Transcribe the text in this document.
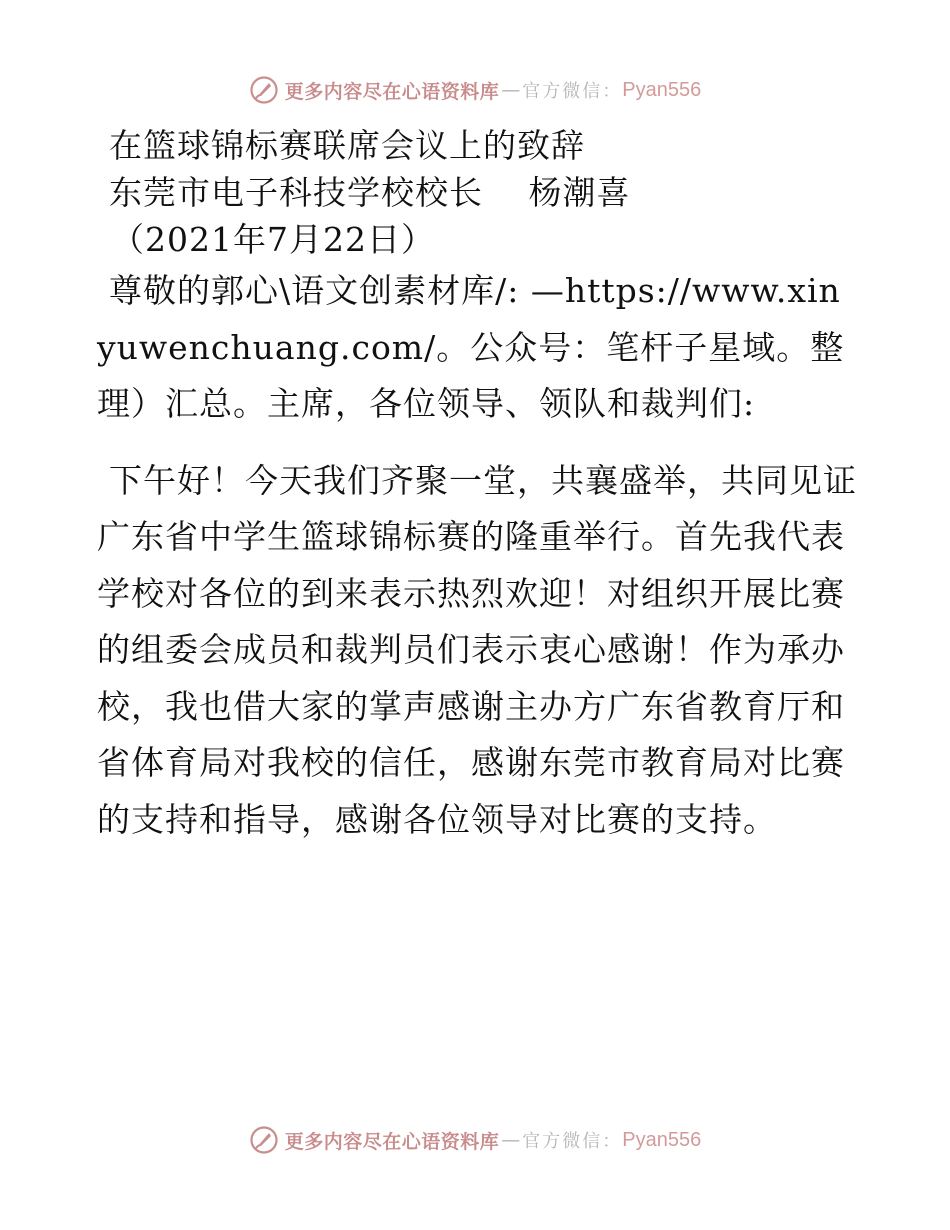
更多内容尽在心语资料库 — 官方微信： Pyan556

在篮球锦标赛联席会议上的致辞

东莞市电子科技学校校长　 杨潮喜

（2021年7月22日）

尊敬的郭心\语文创素材库/: —https://www.xinyuwenchuang.com/。公众号：笔杆子星域。整理）汇总。主席，各位领导、领队和裁判们:

下午好！今天我们齐聚一堂，共襄盛举，共同见证广东省中学生篮球锦标赛的隆重举行。首先我代表学校对各位的到来表示热烈欢迎！对组织开展比赛的组委会成员和裁判员们表示衷心感谢！作为承办校，我也借大家的掌声感谢主办方广东省教育厅和省体育局对我校的信任，感谢东莞市教育局对比赛的支持和指导，感谢各位领导对比赛的支持。

更多内容尽在心语资料库 — 官方微信： Pyan556
